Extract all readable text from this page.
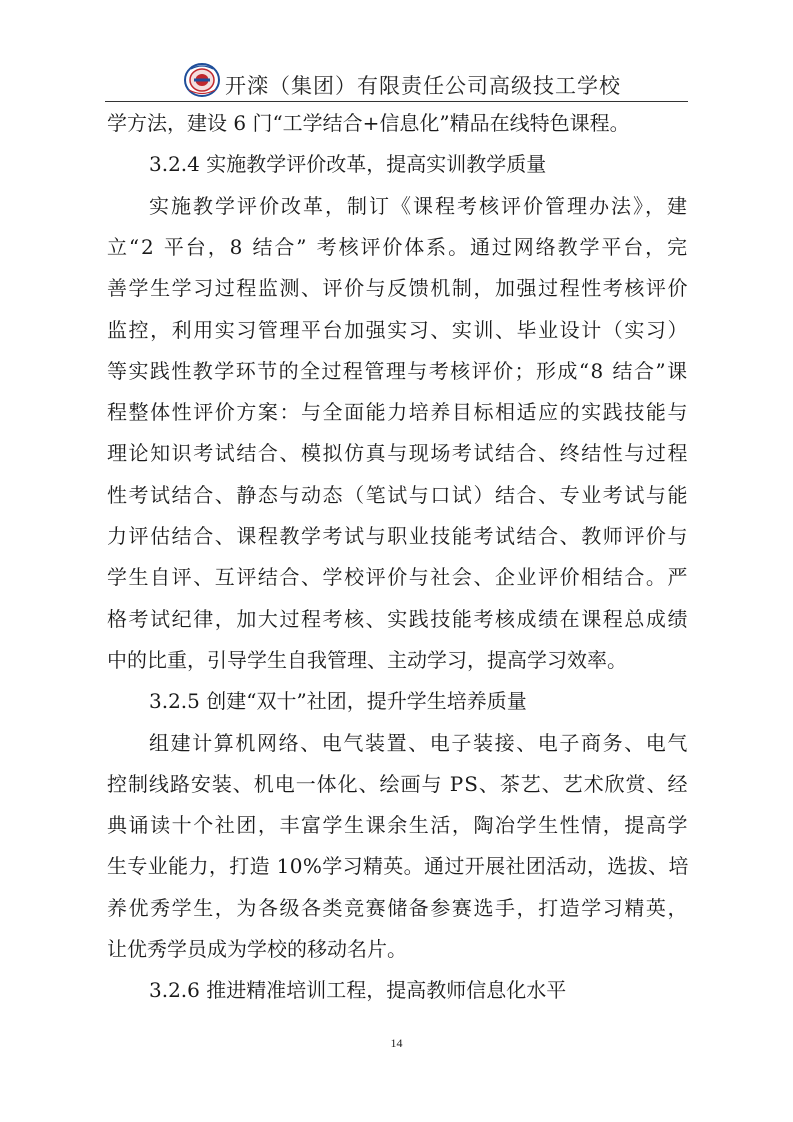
开滦（集团）有限责任公司高级技工学校
学方法，建设 6 门“工学结合+信息化”精品在线特色课程。
3.2.4 实施教学评价改革，提高实训教学质量
实施教学评价改革，制订《课程考核评价管理办法》，建
立“2 平台，8 结合” 考核评价体系。通过网络教学平台，完
善学生学习过程监测、评价与反馈机制，加强过程性考核评价
监控，利用实习管理平台加强实习、实训、毕业设计（实习）
等实践性教学环节的全过程管理与考核评价；形成“8 结合”课
程整体性评价方案：与全面能力培养目标相适应的实践技能与
理论知识考试结合、模拟仿真与现场考试结合、终结性与过程
性考试结合、静态与动态（笔试与口试）结合、专业考试与能
力评估结合、课程教学考试与职业技能考试结合、教师评价与
学生自评、互评结合、学校评价与社会、企业评价相结合。严
格考试纪律，加大过程考核、实践技能考核成绩在课程总成绩
中的比重，引导学生自我管理、主动学习，提高学习效率。
3.2.5 创建“双十”社团，提升学生培养质量
组建计算机网络、电气装置、电子装接、电子商务、电气
控制线路安装、机电一体化、绘画与 PS、茶艺、艺术欣赏、经
典诵读十个社团，丰富学生课余生活，陶冶学生性情，提高学
生专业能力，打造 10%学习精英。通过开展社团活动，选拔、培
养优秀学生，为各级各类竞赛储备参赛选手，打造学习精英，
让优秀学员成为学校的移动名片。
3.2.6 推进精准培训工程，提高教师信息化水平
14
